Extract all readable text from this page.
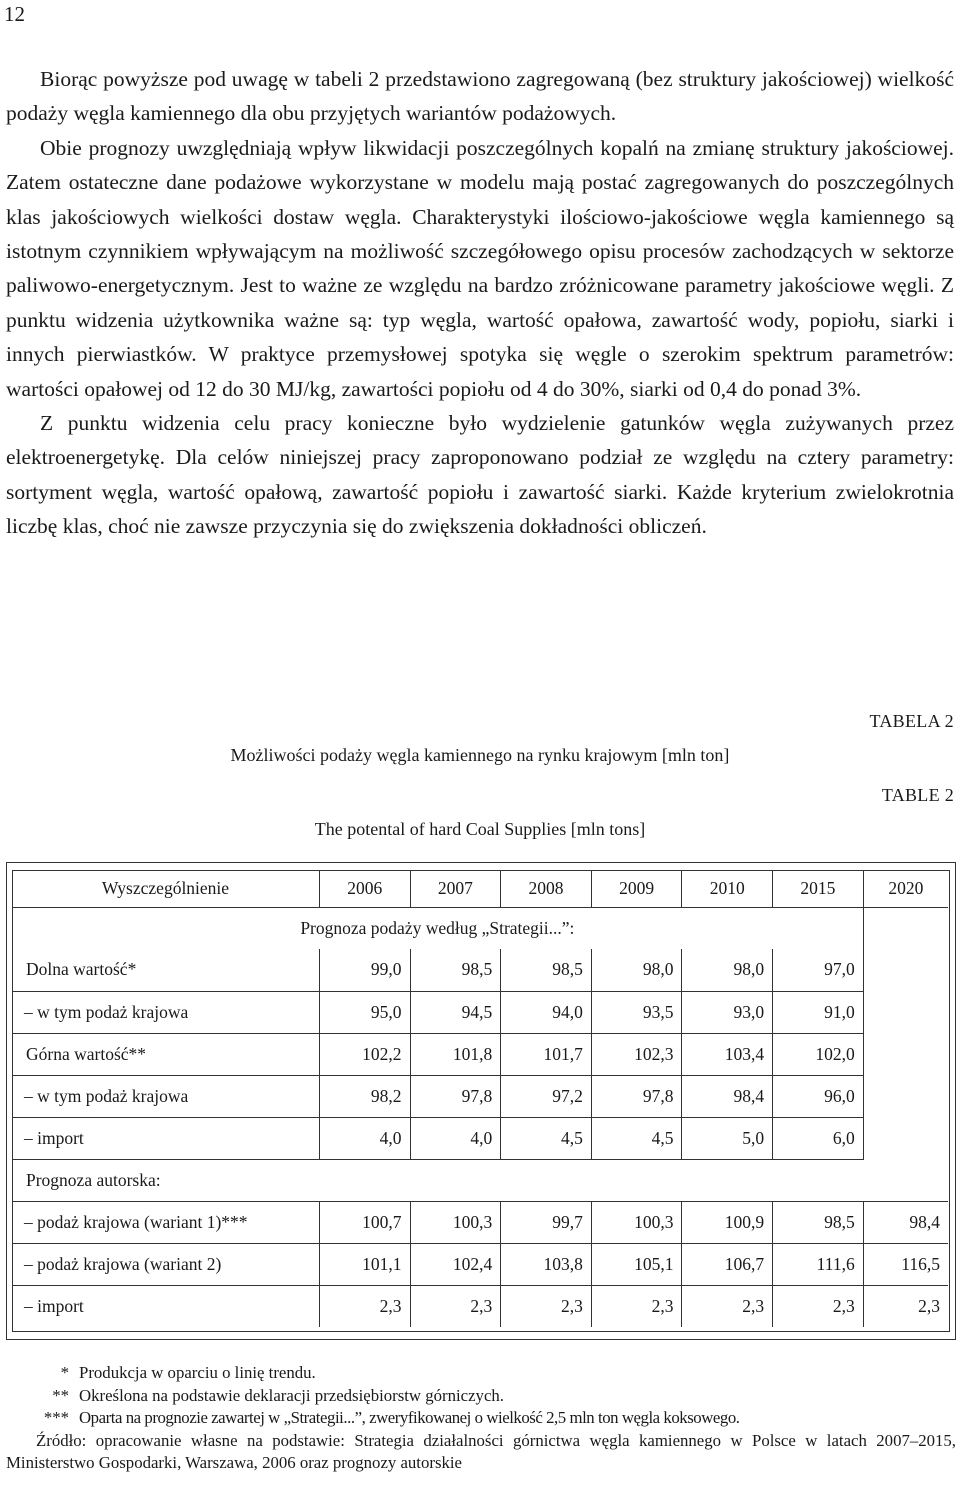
12

Biorąc powyższe pod uwagę w tabeli 2 przedstawiono zagregowaną (bez struktury jakościowej) wielkość podaży węgla kamiennego dla obu przyjętych wariantów podażowych.

Obie prognozy uwzględniają wpływ likwidacji poszczególnych kopalń na zmianę struktury jakościowej. Zatem ostateczne dane podażowe wykorzystane w modelu mają postać zagregowanych do poszczególnych klas jakościowych wielkości dostaw węgla. Charakterystyki ilościowo-jakościowe węgla kamiennego są istotnym czynnikiem wpływającym na możliwość szczegółowego opisu procesów zachodzących w sektorze paliwowo-energetycznym. Jest to ważne ze względu na bardzo zróżnicowane parametry jakościowe węgli. Z punktu widzenia użytkownika ważne są: typ węgla, wartość opałowa, zawartość wody, popiołu, siarki i innych pierwiastków. W praktyce przemysłowej spotyka się węgle o szerokim spektrum parametrów: wartości opałowej od 12 do 30 MJ/kg, zawartości popiołu od 4 do 30%, siarki od 0,4 do ponad 3%.

Z punktu widzenia celu pracy konieczne było wydzielenie gatunków węgla zużywanych przez elektroenergetykę. Dla celów niniejszej pracy zaproponowano podział ze względu na cztery parametry: sortyment węgla, wartość opałową, zawartość popiołu i zawartość siarki. Każde kryterium zwielokrotnia liczbę klas, choć nie zawsze przyczynia się do zwiększenia dokładności obliczeń.

TABELA 2
Możliwości podaży węgla kamiennego na rynku krajowym [mln ton]
TABLE 2
The potental of hard Coal Supplies [mln tons]
Wyszczególnienie	2006	2007	2008	2009	2010	2015	2020
Prognoza podaży według „Strategii...”:							
Dolna wartość*	99,0	98,5	98,5	98,0	98,0	97,0	
– w tym podaż krajowa	95,0	94,5	94,0	93,5	93,0	91,0	
Górna wartość**	102,2	101,8	101,7	102,3	103,4	102,0	
– w tym podaż krajowa	98,2	97,8	97,2	97,8	98,4	96,0	
– import	4,0	4,0	4,5	4,5	5,0	6,0	
Prognoza autorska:							
– podaż krajowa (wariant 1)***	100,7	100,3	99,7	100,3	100,9	98,5	98,4
– podaż krajowa (wariant 2)	101,1	102,4	103,8	105,1	106,7	111,6	116,5
– import	2,3	2,3	2,3	2,3	2,3	2,3	2,3
* Produkcja w oparciu o linię trendu.
** Określona na podstawie deklaracji przedsiębiorstw górniczych.
*** Oparta na prognozie zawartej w „Strategii...”, zweryfikowanej o wielkość 2,5 mln ton węgla koksowego.
Źródło: opracowanie własne na podstawie: Strategia działalności górnictwa węgla kamiennego w Polsce w latach 2007–2015, Ministerstwo Gospodarki, Warszawa, 2006 oraz prognozy autorskie
